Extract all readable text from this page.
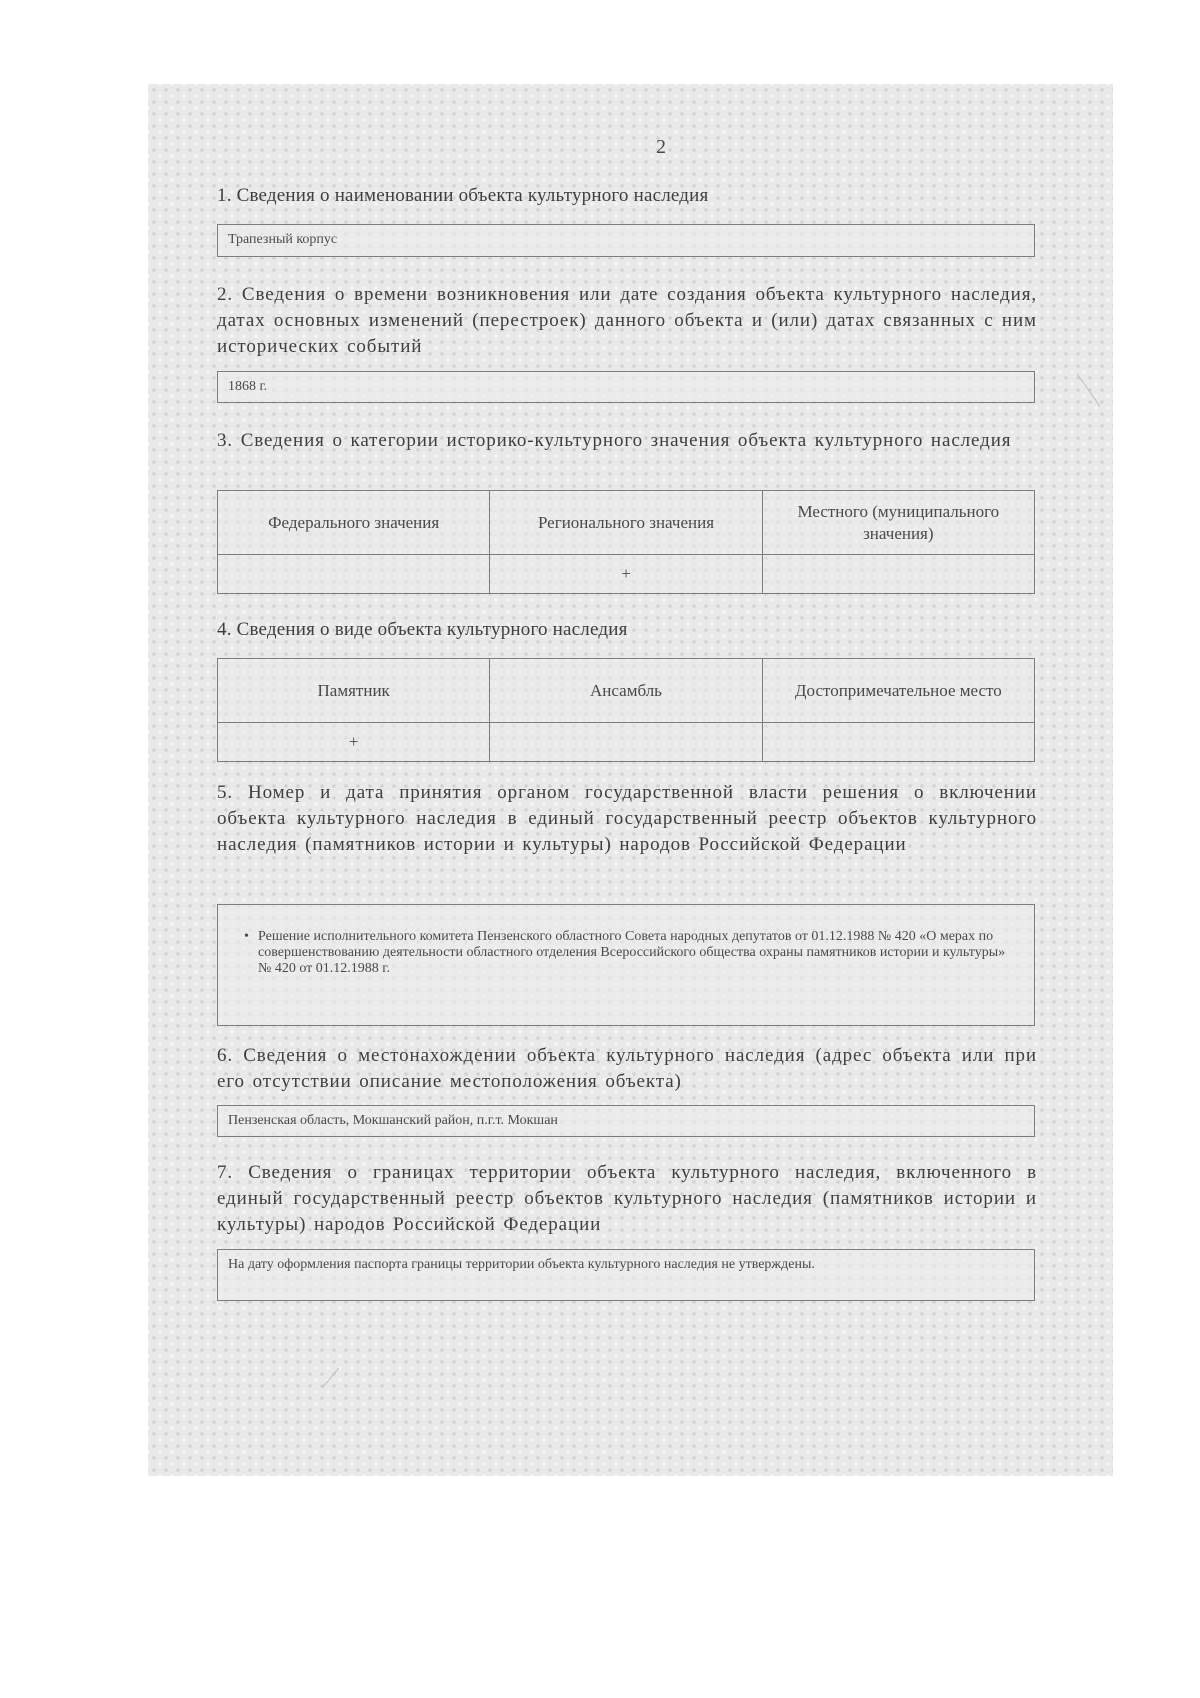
2
1. Сведения о наименовании объекта культурного наследия
Трапезный корпус
2. Сведения о времени возникновения или дате создания объекта культурного наследия, датах основных изменений (перестроек) данного объекта и (или) датах связанных с ним исторических событий
1868 г.
3. Сведения о категории историко-культурного значения объекта культурного наследия
Федерального значения	Регионального значения	Местного (муниципального значения)
	+	
4. Сведения о виде объекта культурного наследия
Памятник	Ансамбль	Достопримечательное место
+		
5. Номер и дата принятия органом государственной власти решения о включении объекта культурного наследия в единый государственный реестр объектов культурного наследия (памятников истории и культуры) народов Российской Федерации
• Решение исполнительного комитета Пензенского областного Совета народных депутатов от 01.12.1988 № 420 «О мерах по совершенствованию деятельности областного отделения Всероссийского общества охраны памятников истории и культуры» № 420 от 01.12.1988 г.
6. Сведения о местонахождении объекта культурного наследия (адрес объекта или при его отсутствии описание местоположения объекта)
Пензенская область, Мокшанский район, п.г.т. Мокшан
7. Сведения о границах территории объекта культурного наследия, включенного в единый государственный реестр объектов культурного наследия (памятников истории и культуры) народов Российской Федерации
На дату оформления паспорта границы территории объекта культурного наследия не утверждены.
